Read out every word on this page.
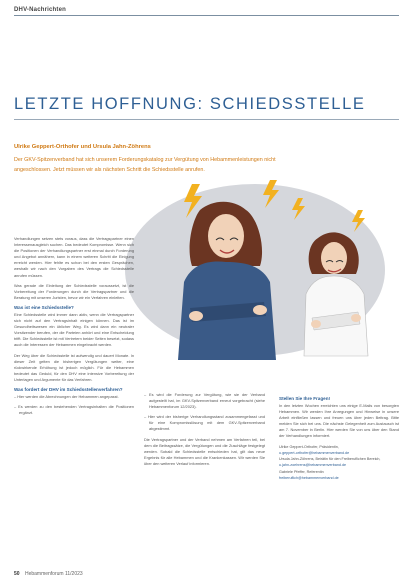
DHV-Nachrichten
LETZTE HOFFNUNG: SCHIEDSSTELLE
Ulrike Geppert-Orthofer und Ursula Jahn-Zöhrens
Der GKV-Spitzenverband hat sich unserem Forderungskatalog zur Vergütung von Hebammenleistungen nicht angeschlossen. Jetzt müssen wir als nächsten Schritt die Schiedsstelle anrufen.

Verhandlungen setzen stets voraus, dass die Vertragspartner einen Interessenausgleich suchen. Das bedeutet Kompromisse. Wenn sich die Positionen der Verhandlungspartner erst einmal durch Forderung und Angebot annähern, kann in einem weiteren Schritt die Einigung erreicht werden. Hier fehlte es schon bei den ersten Gesprächen, weshalb wir nach den Vorgaben des Vertrags die Schiedsstelle anrufen müssen.

Was gerade die Einleitung der Schiedsstelle voraussetzt, ist die Vorbereitung der Forderungen durch die Vertragspartner und die Beratung mit unseren Juristen, bevor wir ein Verfahren einleiten.

Was ist eine Schiedsstelle?

Eine Schiedsstelle wird immer dann aktiv, wenn die Vertragspartner sich nicht auf den Vertragsinhalt einigen können. Das ist im Gesundheitswesen ein üblicher Weg. Es wird dann ein neutraler Vorsitzender berufen, der die Parteien anhört und eine Entscheidung trifft. Die Schiedsstelle ist mit Vertretern beider Seiten besetzt, sodass auch die Interessen der Hebammen eingebracht werden.

Der Weg über die Schiedsstelle ist aufwendig und dauert Monate. In dieser Zeit gelten die bisherigen Vergütungen weiter, eine rückwirkende Erhöhung ist jedoch möglich. Für die Hebammen bedeutet das Geduld, für den DHV eine intensive Vorbereitung der Unterlagen und Argumente für das Verfahren.

Was fordert der DHV im Schiedsstellenverfahren?

– Hier werden die Abrechnungen der Hebammen angepasst.

– Es werden zu den bestehenden Vertragsinhalten die Positionen ergänzt.

– Es wird die Forderung zur Vergütung, wie sie der Verband aufgestellt hat, im GKV-Spitzenverband erneut vorgebracht (siehe Hebammenforum 12/2023).

– Hier wird der bisherige Verhandlungsstand zusammengefasst und für eine Kompromisslösung mit dem GKV-Spitzenverband abgestimmt.

Die Vertragspartner und der Verband nehmen am Verfahren teil, bei dem die Beitragssätze, die Vergütungen und die Zuschläge festgelegt werden. Sobald die Schiedsstelle entschieden hat, gilt das neue Ergebnis für alle Hebammen und die Krankenkassen. Wir werden Sie über den weiteren Verlauf informieren.

Stellen Sie Ihre Fragen!

In den letzten Wochen erreichten uns einige E-Mails von besorgten Hebammen. Wir werden Ihre Anregungen und Hinweise in unsere Arbeit einfließen lassen und freuen uns über jeden Beitrag. Bitte melden Sie sich bei uns. Die nächste Gelegenheit zum Austausch ist am 7. November in Berlin. Hier werden Sie von uns über den Stand der Verhandlungen informiert.

Ulrike Geppert-Orthofer, Präsidentin,
u.geppert-orthofer@hebammenverband.de
Ursula Jahn-Zöhrens, Beirätin für den Freiberuflichen Bereich,
u.jahn-zoehrens@hebammenverband.de
Gabriele Pfeffer, Referentin
freiberuflich@hebammenverband.de
50 Hebammenforum 11/2023
